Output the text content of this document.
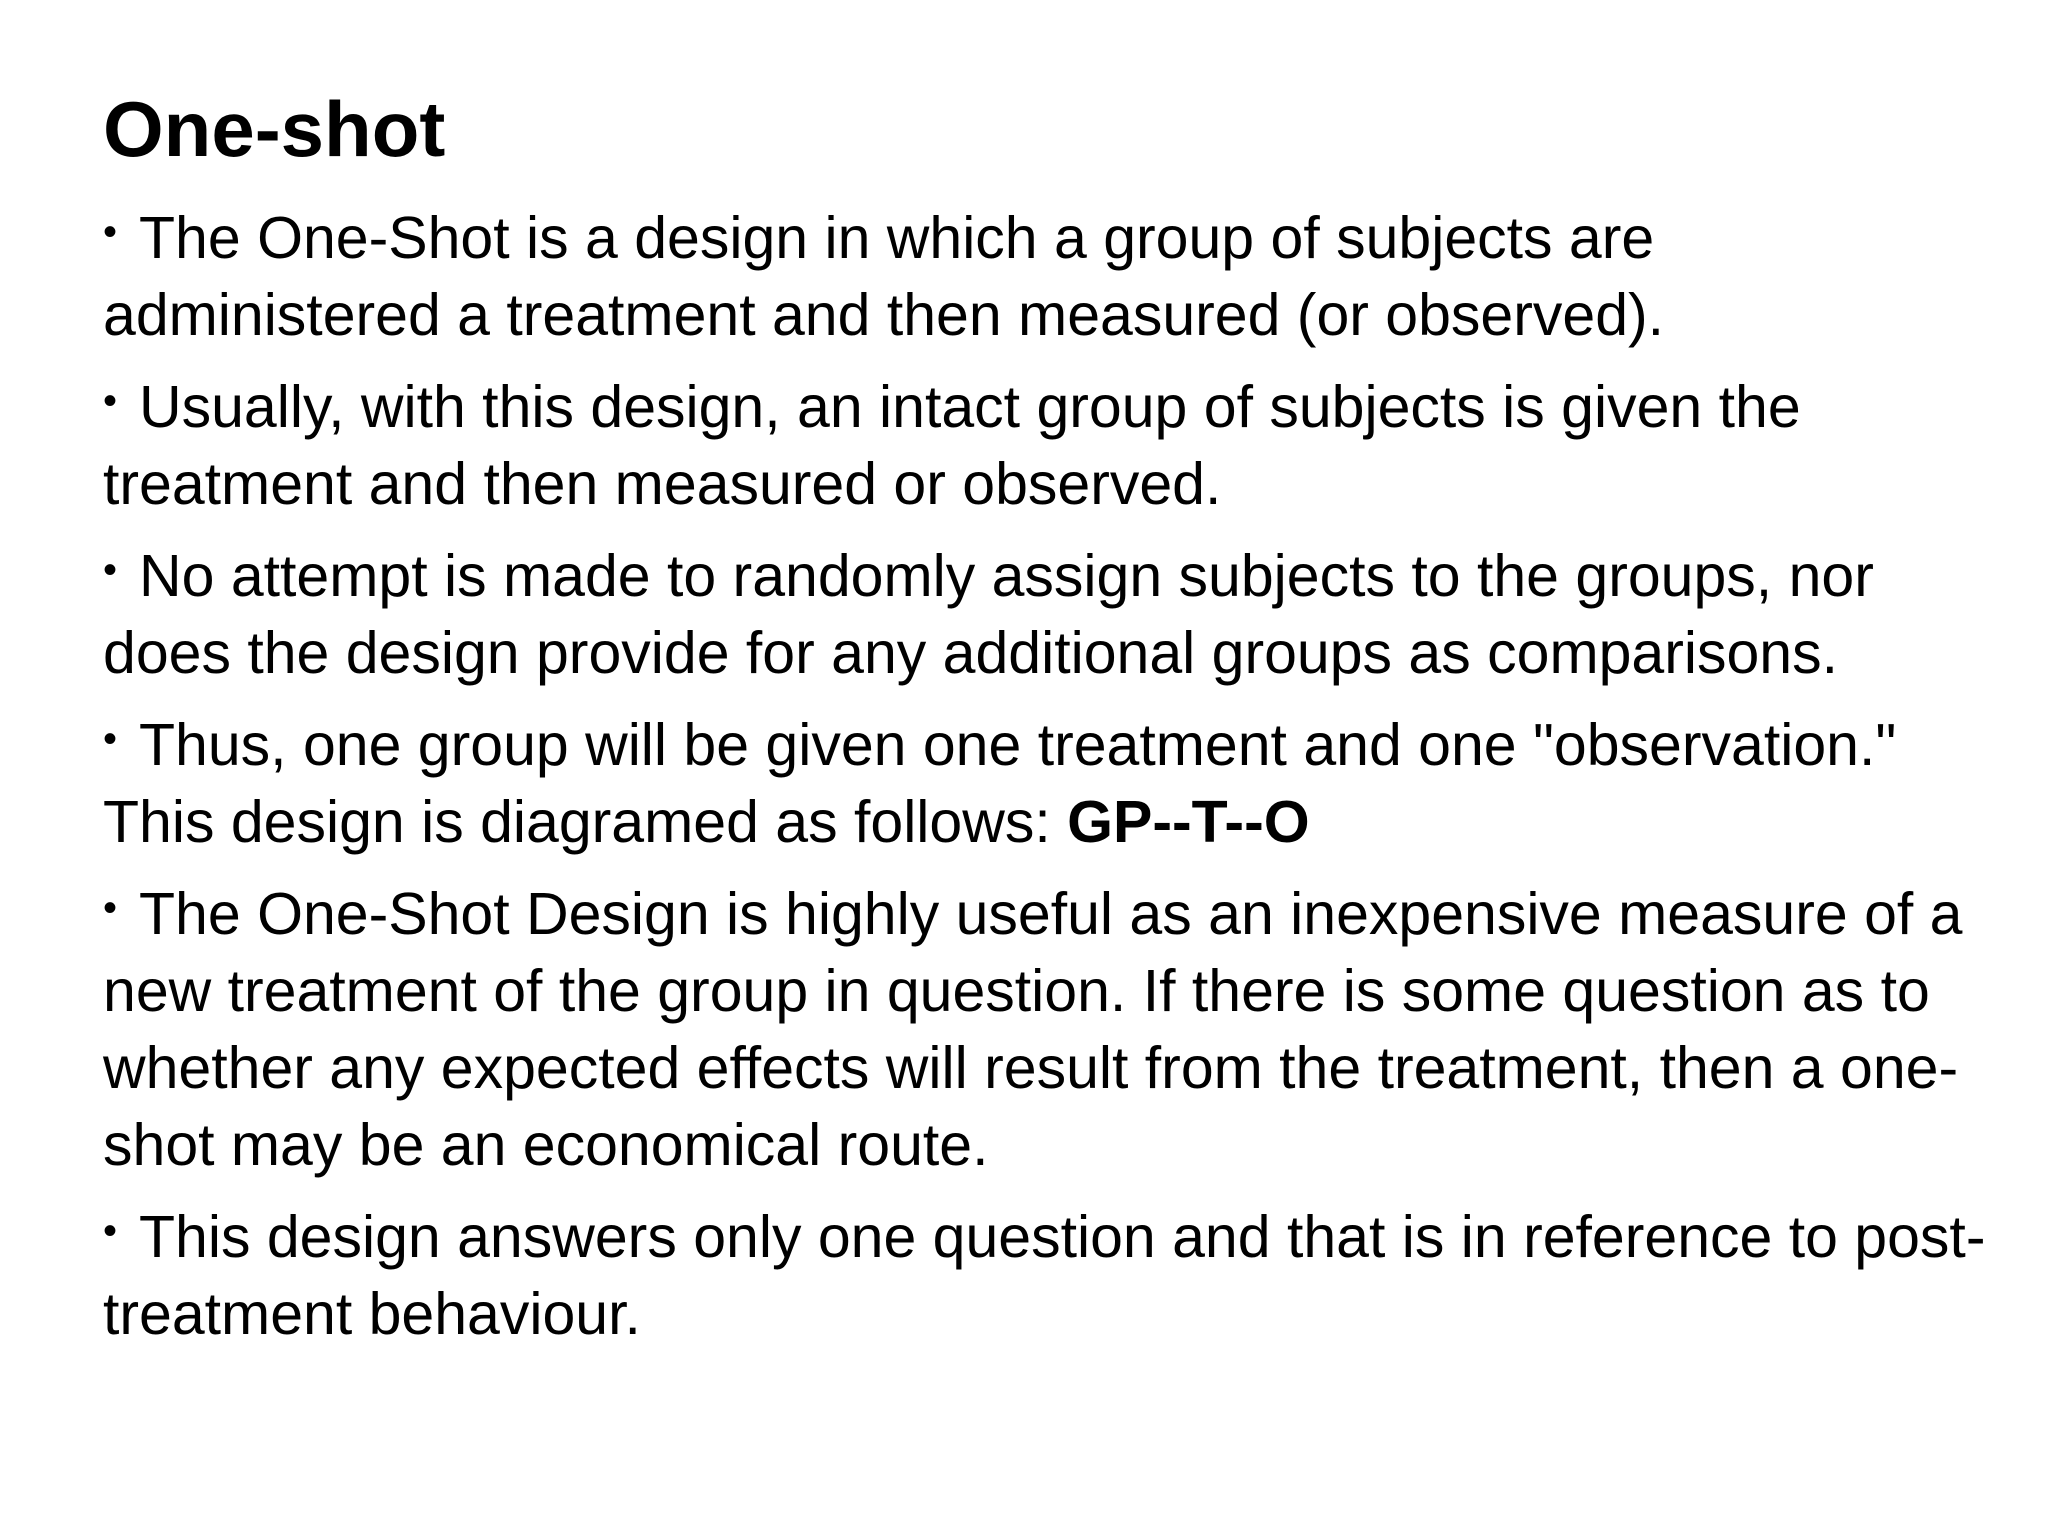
One-shot

• The One-Shot is a design in which a group of subjects are administered a treatment and then measured (or observed).

• Usually, with this design, an intact group of subjects is given the treatment and then measured or observed.

• No attempt is made to randomly assign subjects to the groups, nor does the design provide for any additional groups as comparisons.

• Thus, one group will be given one treatment and one "observation." This design is diagramed as follows: GP--T--O

• The One-Shot Design is highly useful as an inexpensive measure of a new treatment of the group in question. If there is some question as to whether any expected effects will result from the treatment, then a one-shot may be an economical route.

• This design answers only one question and that is in reference to post-treatment behaviour.
